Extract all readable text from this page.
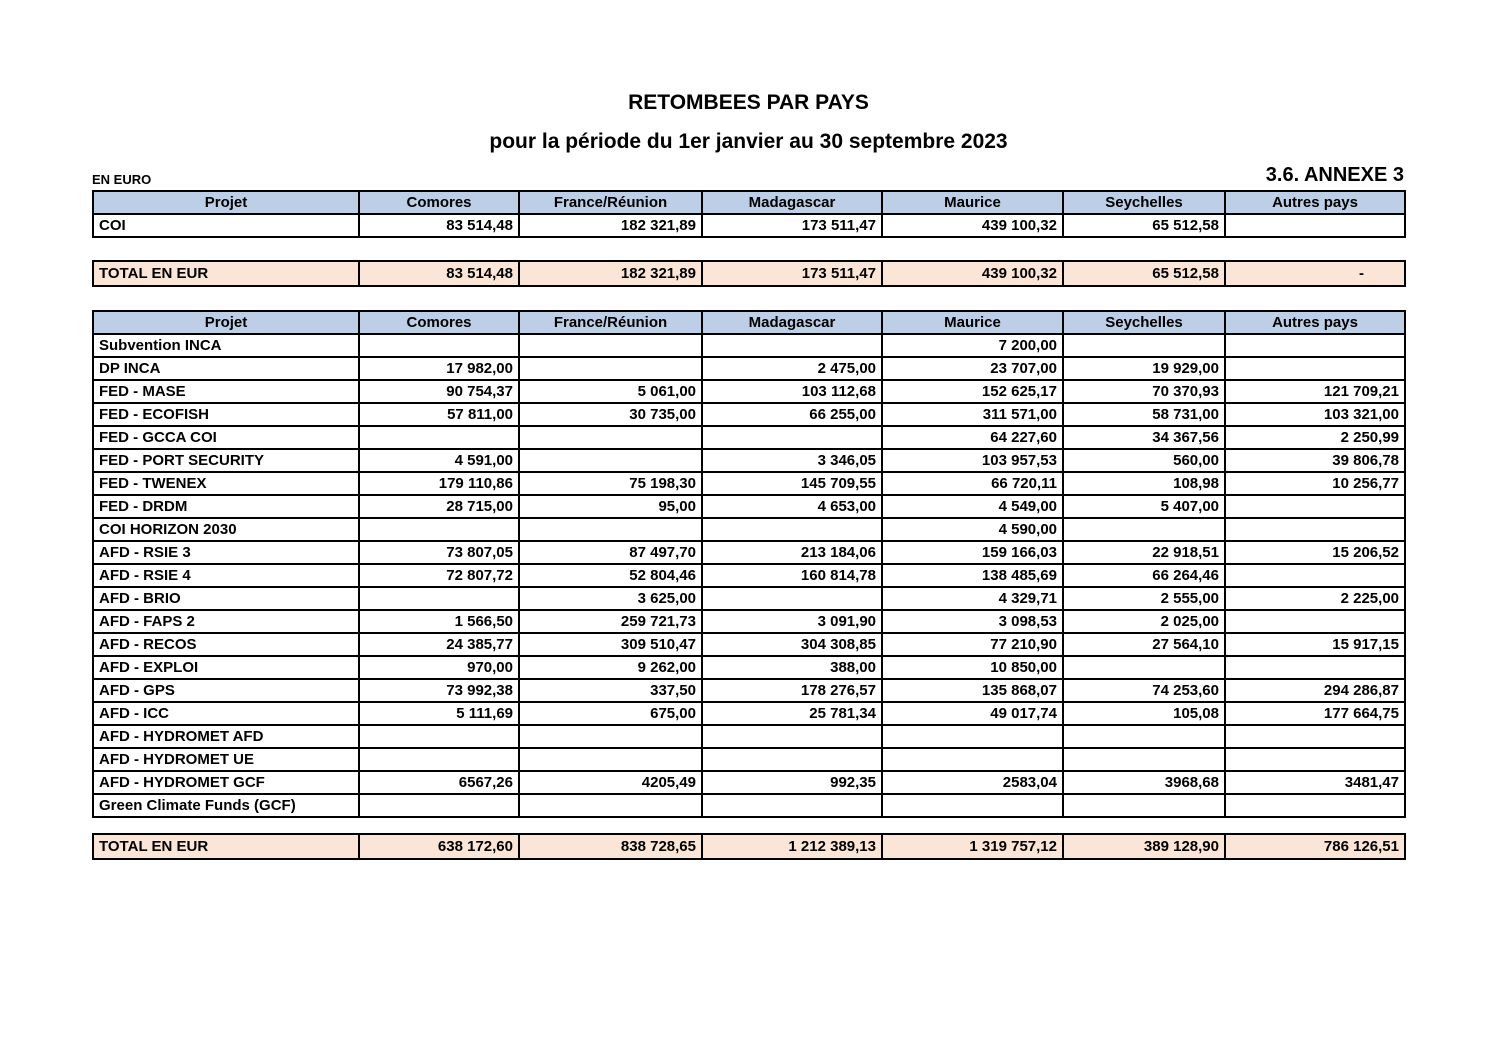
RETOMBEES PAR PAYS
pour la période du 1er janvier au 30 septembre 2023
EN EURO	3.6. ANNEXE 3
Projet	Comores	France/Réunion	Madagascar	Maurice	Seychelles	Autres pays
COI	83 514,48	182 321,89	173 511,47	439 100,32	65 512,58	
TOTAL EN EUR	83 514,48	182 321,89	173 511,47	439 100,32	65 512,58	-
Projet	Comores	France/Réunion	Madagascar	Maurice	Seychelles	Autres pays
Subvention INCA				7 200,00		
DP INCA	17 982,00		2 475,00	23 707,00	19 929,00	
FED - MASE	90 754,37	5 061,00	103 112,68	152 625,17	70 370,93	121 709,21
FED - ECOFISH	57 811,00	30 735,00	66 255,00	311 571,00	58 731,00	103 321,00
FED - GCCA COI				64 227,60	34 367,56	2 250,99
FED - PORT SECURITY	4 591,00		3 346,05	103 957,53	560,00	39 806,78
FED - TWENEX	179 110,86	75 198,30	145 709,55	66 720,11	108,98	10 256,77
FED - DRDM	28 715,00	95,00	4 653,00	4 549,00	5 407,00	
COI HORIZON 2030				4 590,00		
AFD - RSIE 3	73 807,05	87 497,70	213 184,06	159 166,03	22 918,51	15 206,52
AFD - RSIE 4	72 807,72	52 804,46	160 814,78	138 485,69	66 264,46	
AFD - BRIO		3 625,00		4 329,71	2 555,00	2 225,00
AFD - FAPS 2	1 566,50	259 721,73	3 091,90	3 098,53	2 025,00	
AFD - RECOS	24 385,77	309 510,47	304 308,85	77 210,90	27 564,10	15 917,15
AFD - EXPLOI	970,00	9 262,00	388,00	10 850,00		
AFD - GPS	73 992,38	337,50	178 276,57	135 868,07	74 253,60	294 286,87
AFD - ICC	5 111,69	675,00	25 781,34	49 017,74	105,08	177 664,75
AFD - HYDROMET AFD						
AFD - HYDROMET UE						
AFD - HYDROMET GCF	6567,26	4205,49	992,35	2583,04	3968,68	3481,47
Green Climate Funds (GCF)						
TOTAL EN EUR	638 172,60	838 728,65	1 212 389,13	1 319 757,12	389 128,90	786 126,51
